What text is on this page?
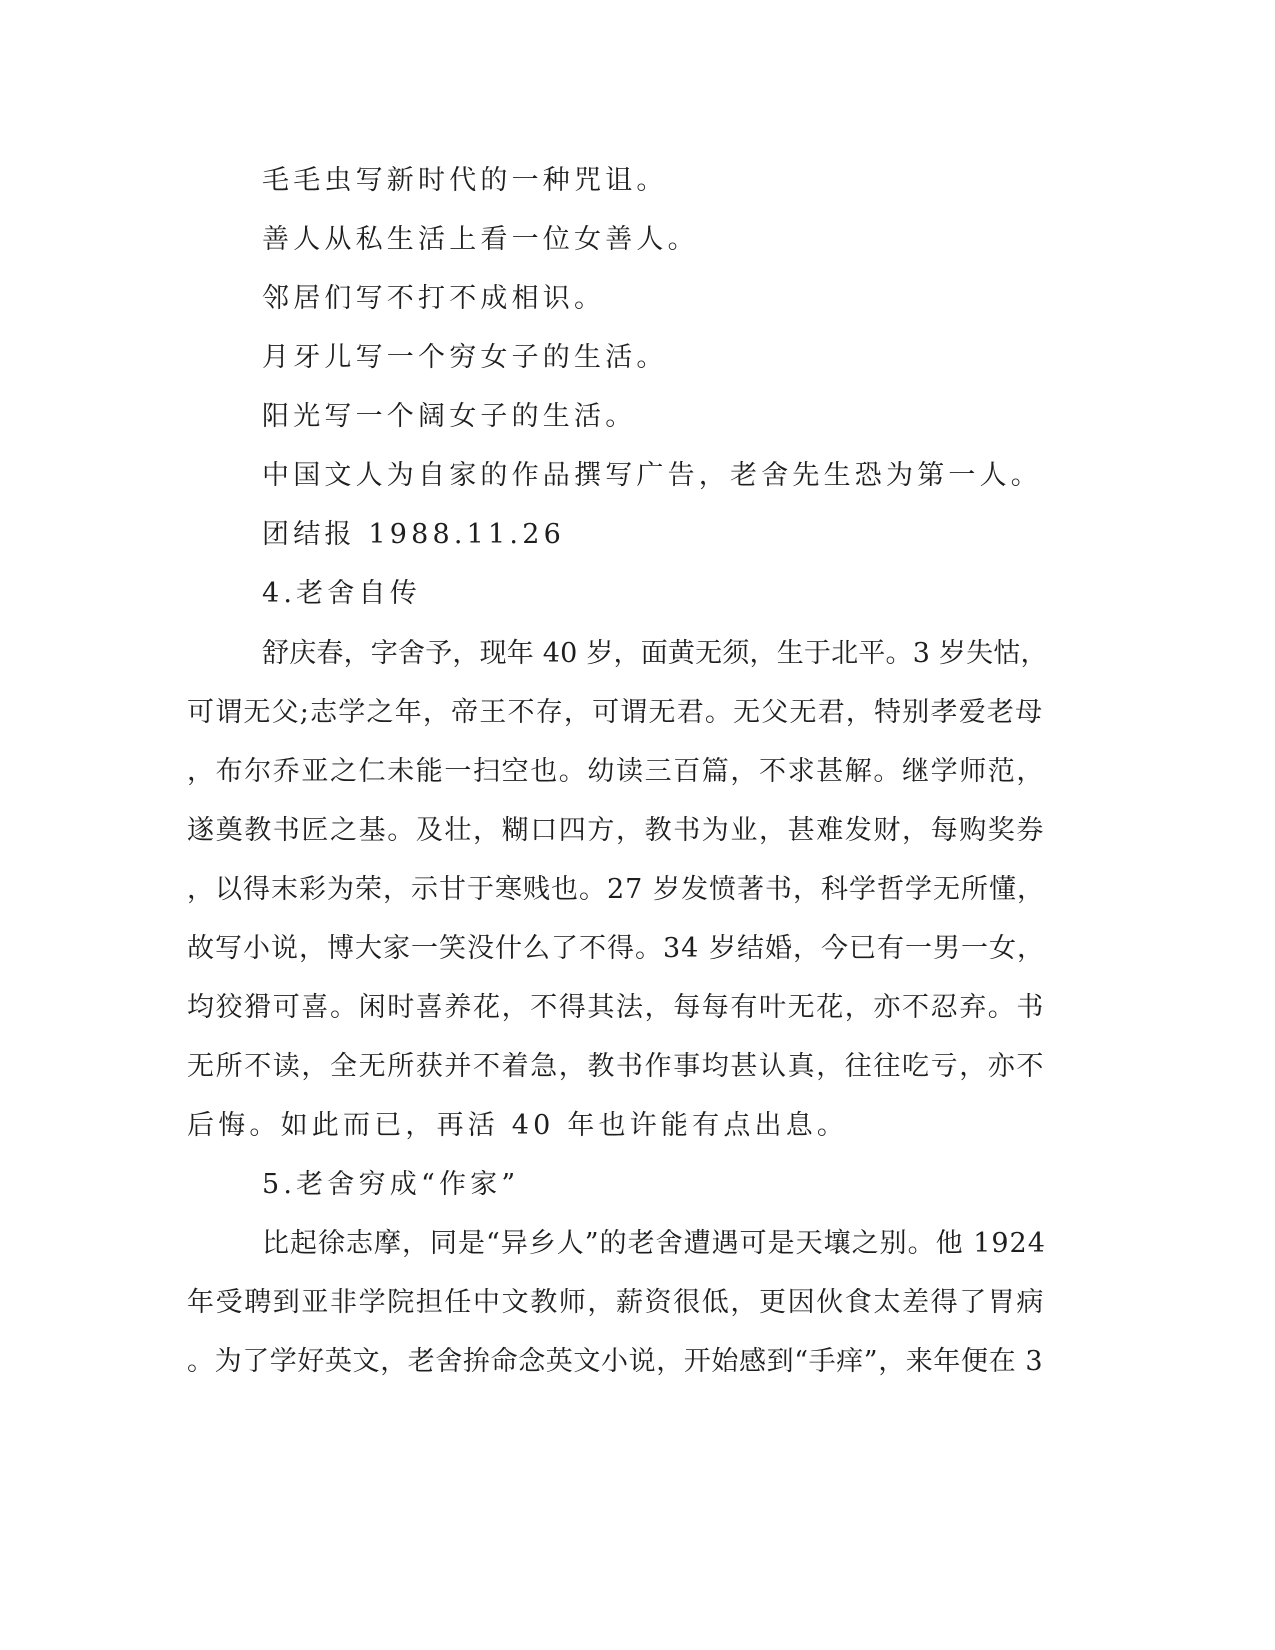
毛毛虫写新时代的一种咒诅。
善人从私生活上看一位女善人。
邻居们写不打不成相识。
月牙儿写一个穷女子的生活。
阳光写一个阔女子的生活。
中国文人为自家的作品撰写广告，老舍先生恐为第一人。
团结报 1988.11.26
4.老舍自传
舒庆春，字舍予，现年 40 岁，面黄无须，生于北平。3 岁失怙，
可谓无父;志学之年，帝王不存，可谓无君。无父无君，特别孝爱老母
，布尔乔亚之仁未能一扫空也。幼读三百篇，不求甚解。继学师范，
遂奠教书匠之基。及壮，糊口四方，教书为业，甚难发财，每购奖券
，以得末彩为荣，示甘于寒贱也。27 岁发愤著书，科学哲学无所懂，
故写小说，博大家一笑没什么了不得。34 岁结婚，今已有一男一女，
均狡猾可喜。闲时喜养花，不得其法，每每有叶无花，亦不忍弃。书
无所不读，全无所获并不着急，教书作事均甚认真，往往吃亏，亦不
后悔。如此而已，再活 40 年也许能有点出息。
5.老舍穷成“作家”
比起徐志摩，同是“异乡人”的老舍遭遇可是天壤之别。他 1924
年受聘到亚非学院担任中文教师，薪资很低，更因伙食太差得了胃病
。为了学好英文，老舍拚命念英文小说，开始感到“手痒”，来年便在 3
